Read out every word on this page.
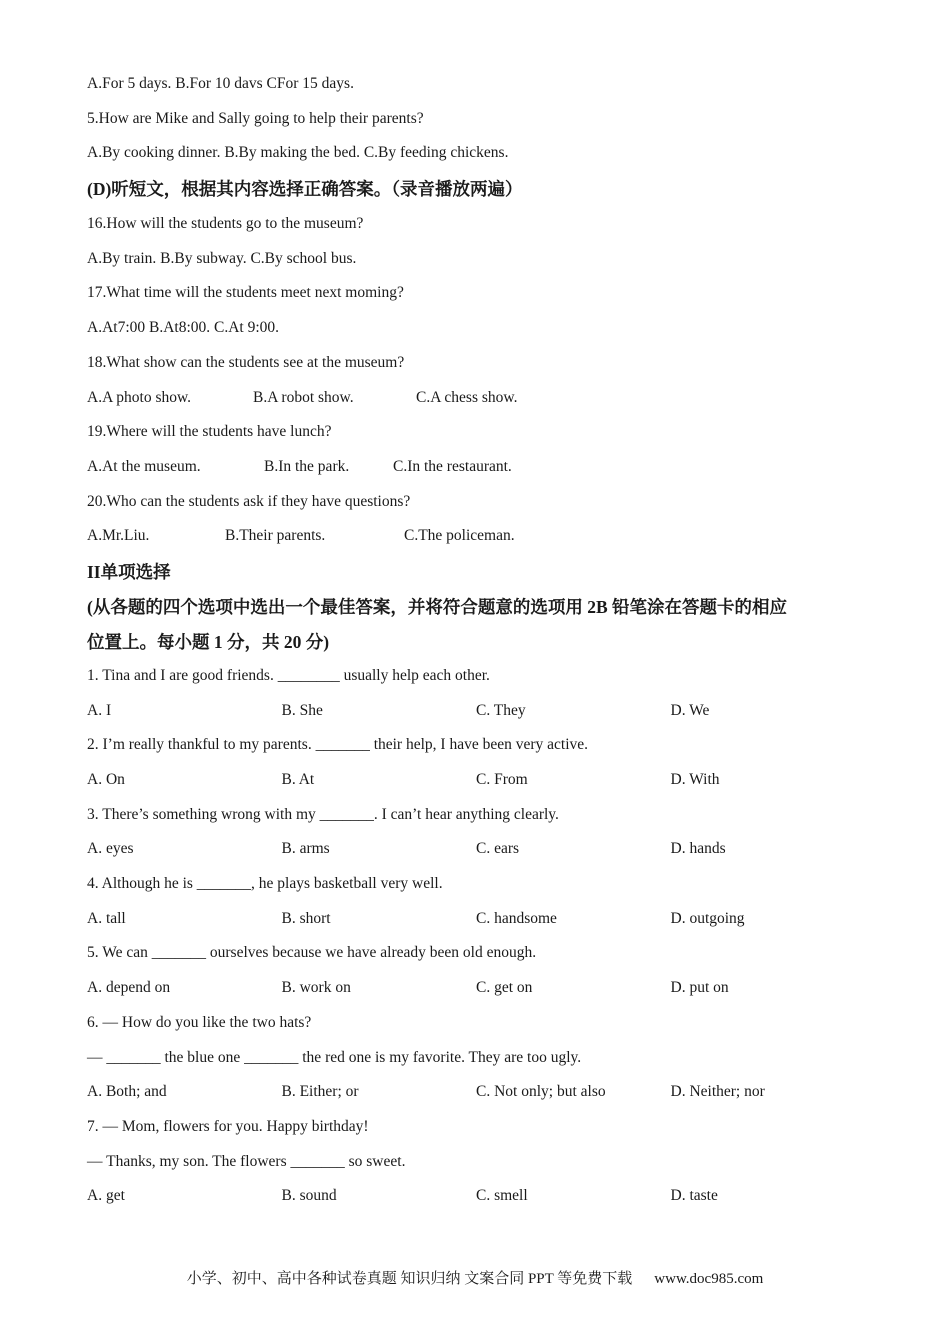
A.For 5 days. B.For 10 davs CFor 15 days.
5.How are Mike and Sally going to help their parents?
A.By cooking dinner. B.By making the bed. C.By feeding chickens.
(D)听短文，根据其内容选择正确答案。（录音播放两遍）
16.How will the students go to the museum?
A.By train. B.By subway. C.By school bus.
17.What time will the students meet next moming?
A.At7:00 B.At8:00. C.At 9:00.
18.What show can the students see at the museum?
A.A photo show.	B.A robot show.	C.A chess show.
19.Where will the students have lunch?
A.At the museum.	B.In the park.	C.In the restaurant.
20.Who can the students ask if they have questions?
A.Mr.Liu.	B.Their parents.	C.The policeman.
II单项选择
(从各题的四个选项中选出一个最佳答案，并将符合题意的选项用 2B 铅笔涂在答题卡的相应
位置上。每小题 1 分，共 20 分)
1. Tina and I are good friends. ________ usually help each other.
A. I	B. She	C. They	D. We
2. I’m really thankful to my parents. _______ their help, I have been very active.
A. On	B. At	C. From	D. With
3. There’s something wrong with my _______. I can’t hear anything clearly.
A. eyes	B. arms	C. ears	D. hands
4. Although he is _______, he plays basketball very well.
A. tall	B. short	C. handsome	D. outgoing
5. We can _______ ourselves because we have already been old enough.
A. depend on	B. work on	C. get on	D. put on
6. — How do you like the two hats?
— _______ the blue one _______ the red one is my favorite. They are too ugly.
A. Both; and	B. Either; or	C. Not only; but also	D. Neither; nor
7. — Mom, flowers for you. Happy birthday!
— Thanks, my son. The flowers _______ so sweet.
A. get	B. sound	C. smell	D. taste
小学、初中、高中各种试卷真题 知识归纳 文案合同 PPT 等免费下载 www.doc985.com
